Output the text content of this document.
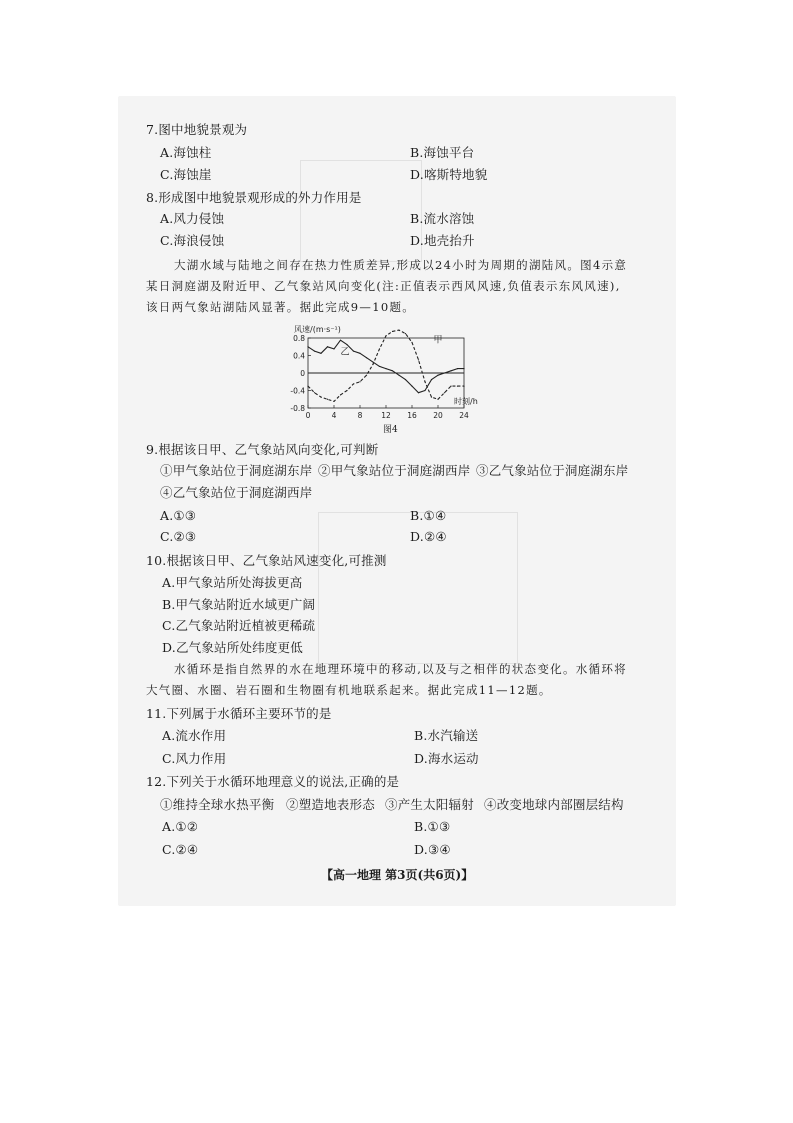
7.图中地貌景观为
A.海蚀柱	B.海蚀平台
C.海蚀崖	D.喀斯特地貌
8.形成图中地貌景观形成的外力作用是
A.风力侵蚀	B.流水溶蚀
C.海浪侵蚀	D.地壳抬升
大湖水域与陆地之间存在热力性质差异,形成以24小时为周期的湖陆风。图4示意某日洞庭湖及附近甲、乙气象站风向变化(注:正值表示西风风速,负值表示东风风速),该日两气象站湖陆风显著。据此完成9—10题。
-0.8
-0.4
0
0.4
0.8
0	4	8	12 16 20 24
风速/(m·s⁻¹)
时刻/h
甲
乙
图4
9.根据该日甲、乙气象站风向变化,可判断
①甲气象站位于洞庭湖东岸 ②甲气象站位于洞庭湖西岸 ③乙气象站位于洞庭湖东岸
④乙气象站位于洞庭湖西岸
A.①③	B.①④
C.②③	D.②④
10.根据该日甲、乙气象站风速变化,可推测
A.甲气象站所处海拔更高
B.甲气象站附近水域更广阔
C.乙气象站附近植被更稀疏
D.乙气象站所处纬度更低
水循环是指自然界的水在地理环境中的移动,以及与之相伴的状态变化。水循环将大气圈、水圈、岩石圈和生物圈有机地联系起来。据此完成11—12题。
11.下列属于水循环主要环节的是
A.流水作用	B.水汽输送
C.风力作用	D.海水运动
12.下列关于水循环地理意义的说法,正确的是
①维持全球水热平衡 ②塑造地表形态 ③产生太阳辐射 ④改变地球内部圈层结构
A.①②	B.①③
C.②④	D.③④
【高一地理 第3页(共6页)】
